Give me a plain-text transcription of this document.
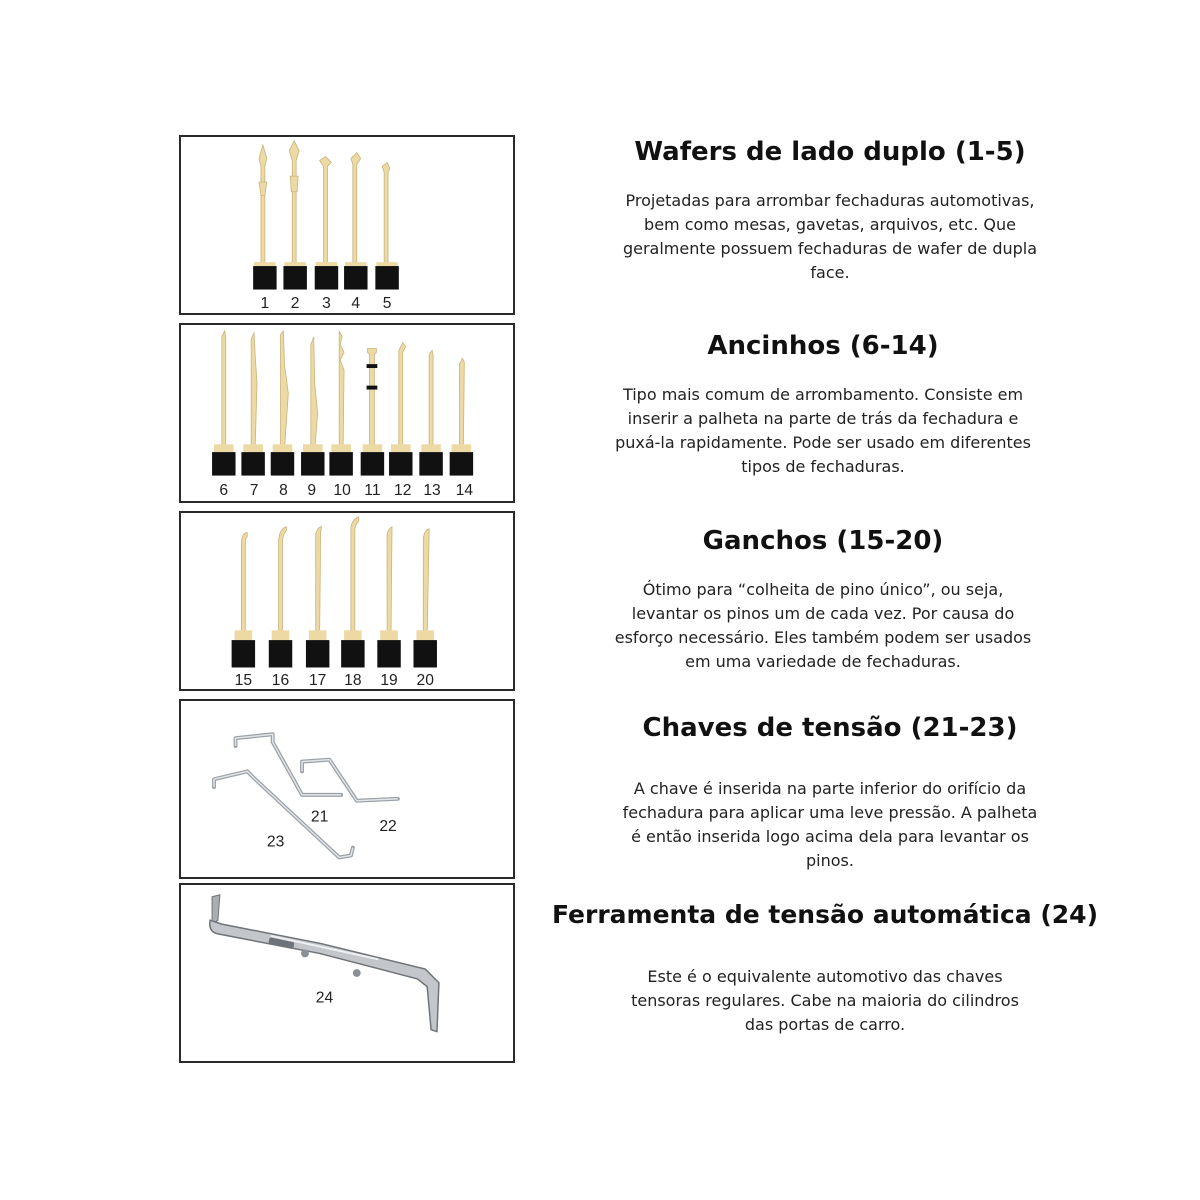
1 2 3 4 5
6 7 8 9 10 11 12 13 14
15 16 17 18 19 20
21
22
23
24
Wafers de lado duplo (1-5)

Projetadas para arrombar fechaduras automotivas,
bem como mesas, gavetas, arquivos, etc. Que
geralmente possuem fechaduras de wafer de dupla
face.

Ancinhos (6-14)

Tipo mais comum de arrombamento. Consiste em
inserir a palheta na parte de trás da fechadura e
puxá-la rapidamente. Pode ser usado em diferentes
tipos de fechaduras.

Ganchos (15-20)

Ótimo para “colheita de pino único”, ou seja,
levantar os pinos um de cada vez. Por causa do
esforço necessário. Eles também podem ser usados
em uma variedade de fechaduras.

Chaves de tensão (21-23)

A chave é inserida na parte inferior do orifício da
fechadura para aplicar uma leve pressão. A palheta
é então inserida logo acima dela para levantar os
pinos.

Ferramenta de tensão automática (24)

Este é o equivalente automotivo das chaves
tensoras regulares. Cabe na maioria do cilindros
das portas de carro.
